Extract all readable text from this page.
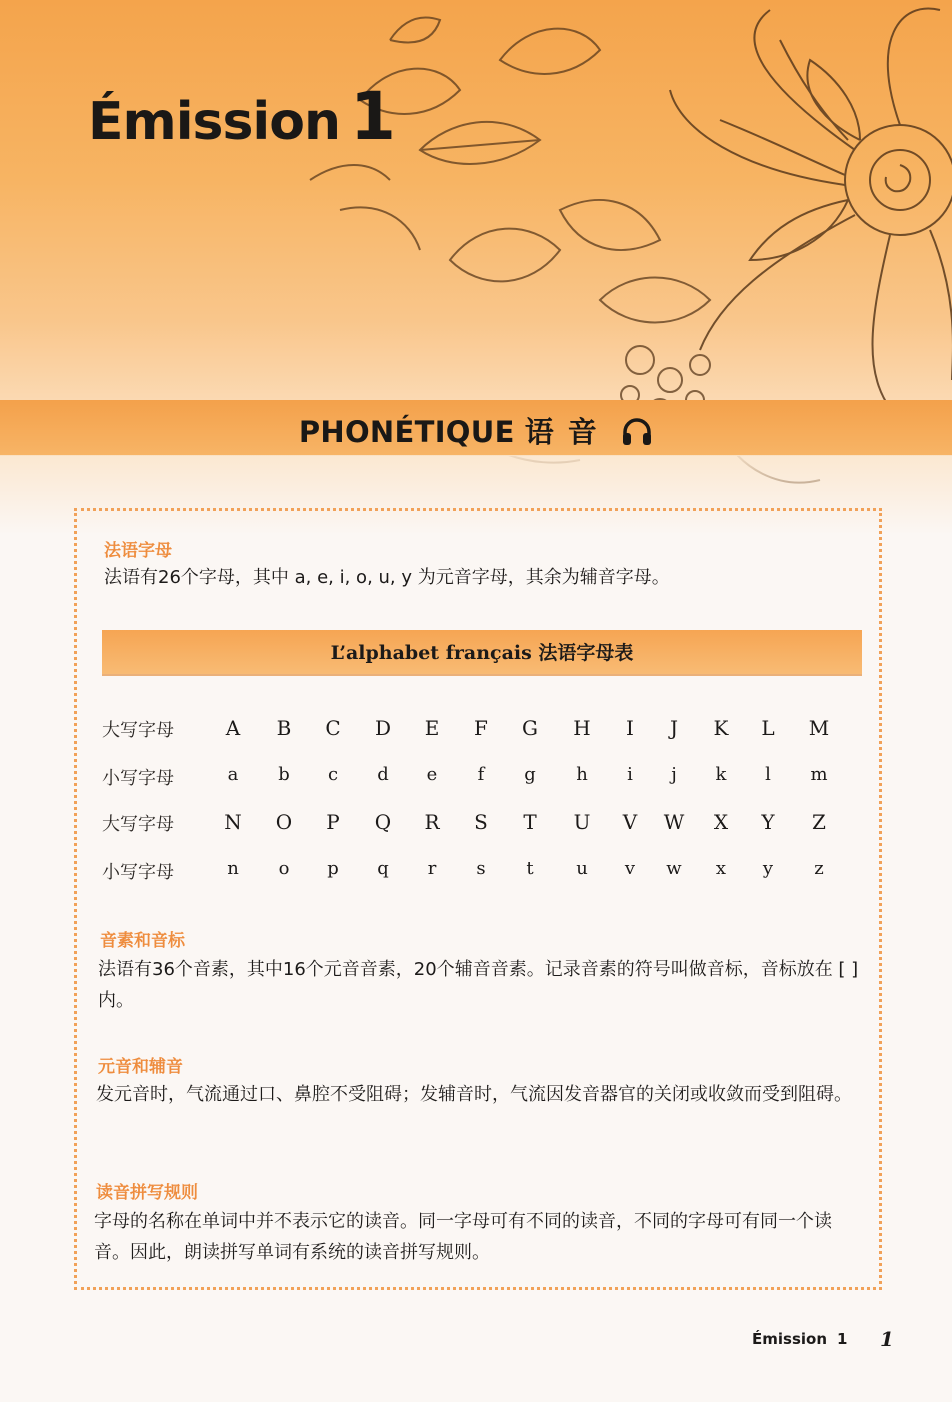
Émission 1
PHONÉTIQUE 语音
法语字母
法语有26个字母，其中 a, e, i, o, u, y 为元音字母，其余为辅音字母。
L’alphabet français 法语字母表
大写字母	A	B	C	D	E	F	G	H	I	J	K	L	M
小写字母	a	b	c	d	e	f	g	h	i	j	k	l	m
大写字母	N	O	P	Q	R	S	T	U	V	W	X	Y	Z
小写字母	n	o	p	q	r	s	t	u	v	w	x	y	z
音素和音标
法语有36个音素，其中16个元音音素，20个辅音音素。记录音素的符号叫做音标，音标放在 [ ] 内。
元音和辅音
发元音时，气流通过口、鼻腔不受阻碍；发辅音时，气流因发音器官的关闭或收敛而受到阻碍。
读音拼写规则
字母的名称在单词中并不表示它的读音。同一字母可有不同的读音，不同的字母可有同一个读音。因此，朗读拼写单词有系统的读音拼写规则。
Émission 1 1
